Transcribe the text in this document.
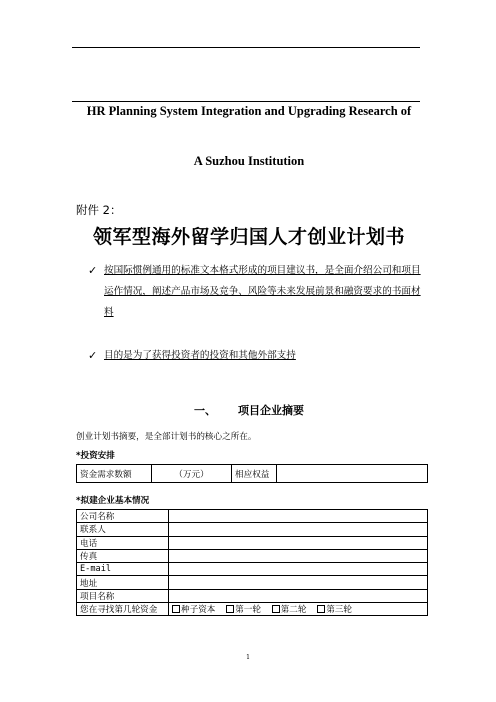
HR Planning System Integration and Upgrading Research of
A Suzhou Institution
附件 2：
领军型海外留学归国人才创业计划书
✓ 按国际惯例通用的标准文本格式形成的项目建议书，是全面介绍公司和项目运作情况，阐述产品市场及竞争、风险等未来发展前景和融资要求的书面材料
✓ 目的是为了获得投资者的投资和其他外部支持
一、 项目企业摘要
创业计划书摘要，是全部计划书的核心之所在。
*投资安排
资金需求数额	（万元）	相应权益	
*拟建企业基本情况
公司名称	
联系人	
电话	
传真	
E-mail	
地址	
项目名称	
您在寻找第几轮资金	种子资本 第一轮 第二轮 第三轮
1
